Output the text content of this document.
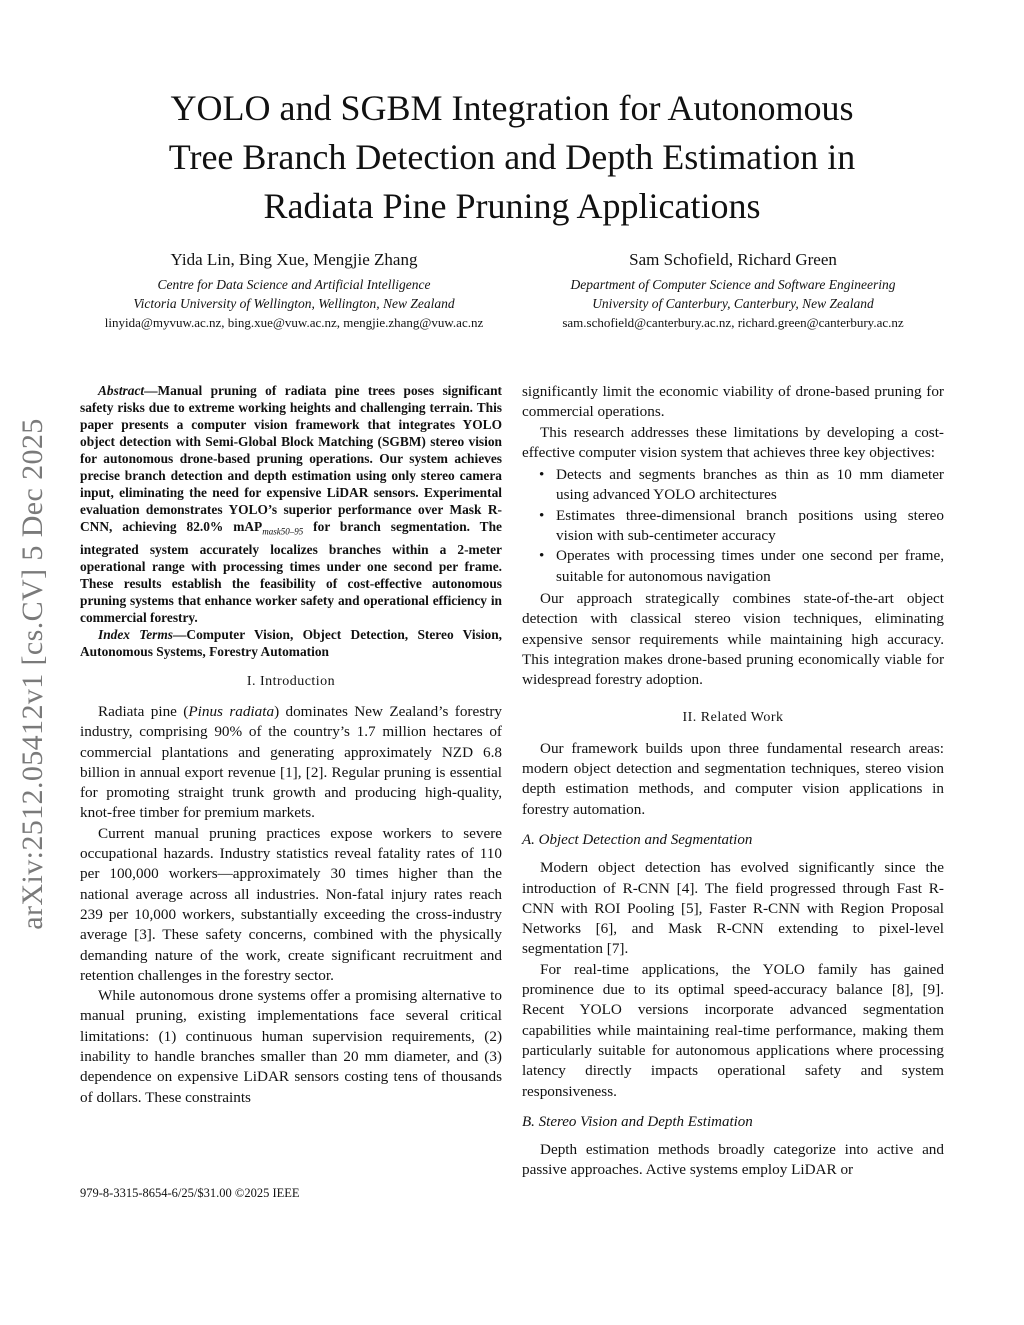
YOLO and SGBM Integration for Autonomous
Tree Branch Detection and Depth Estimation in
Radiata Pine Pruning Applications
Yida Lin, Bing Xue, Mengjie Zhang
Centre for Data Science and Artificial Intelligence
Victoria University of Wellington, Wellington, New Zealand
linyida@myvuw.ac.nz, bing.xue@vuw.ac.nz, mengjie.zhang@vuw.ac.nz
Sam Schofield, Richard Green
Department of Computer Science and Software Engineering
University of Canterbury, Canterbury, New Zealand
sam.schofield@canterbury.ac.nz, richard.green@canterbury.ac.nz
arXiv:2512.05412v1 [cs.CV] 5 Dec 2025

Abstract—Manual pruning of radiata pine trees poses significant safety risks due to extreme working heights and challenging terrain. This paper presents a computer vision framework that integrates YOLO object detection with Semi-Global Block Matching (SGBM) stereo vision for autonomous drone-based pruning operations. Our system achieves precise branch detection and depth estimation using only stereo camera input, eliminating the need for expensive LiDAR sensors. Experimental evaluation demonstrates YOLO’s superior performance over Mask R-CNN, achieving 82.0% mAP$_{mask50-95}$ for branch segmentation. The integrated system accurately localizes branches within a 2-meter operational range with processing times under one second per frame. These results establish the feasibility of cost-effective autonomous pruning systems that enhance worker safety and operational efficiency in commercial forestry.

Index Terms—Computer Vision, Object Detection, Stereo Vision, Autonomous Systems, Forestry Automation

I. Introduction

Radiata pine (Pinus radiata) dominates New Zealand’s forestry industry, comprising 90% of the country’s 1.7 million hectares of commercial plantations and generating approximately NZD 6.8 billion in annual export revenue [1], [2]. Regular pruning is essential for promoting straight trunk growth and producing high-quality, knot-free timber for premium markets.

Current manual pruning practices expose workers to severe occupational hazards. Industry statistics reveal fatality rates of 110 per 100,000 workers—approximately 30 times higher than the national average across all industries. Non-fatal injury rates reach 239 per 10,000 workers, substantially exceeding the cross-industry average [3]. These safety concerns, combined with the physically demanding nature of the work, create significant recruitment and retention challenges in the forestry sector.

While autonomous drone systems offer a promising alternative to manual pruning, existing implementations face several critical limitations: (1) continuous human supervision requirements, (2) inability to handle branches smaller than 20 mm diameter, and (3) dependence on expensive LiDAR sensors costing tens of thousands of dollars. These constraints

significantly limit the economic viability of drone-based pruning for commercial operations.

This research addresses these limitations by developing a cost-effective computer vision system that achieves three key objectives:

• Detects and segments branches as thin as 10 mm diameter using advanced YOLO architectures
• Estimates three-dimensional branch positions using stereo vision with sub-centimeter accuracy
• Operates with processing times under one second per frame, suitable for autonomous navigation

Our approach strategically combines state-of-the-art object detection with classical stereo vision techniques, eliminating expensive sensor requirements while maintaining high accuracy. This integration makes drone-based pruning economically viable for widespread forestry adoption.

II. Related Work

Our framework builds upon three fundamental research areas: modern object detection and segmentation techniques, stereo vision depth estimation methods, and computer vision applications in forestry automation.

A. Object Detection and Segmentation

Modern object detection has evolved significantly since the introduction of R-CNN [4]. The field progressed through Fast R-CNN with ROI Pooling [5], Faster R-CNN with Region Proposal Networks [6], and Mask R-CNN extending to pixel-level segmentation [7].

For real-time applications, the YOLO family has gained prominence due to its optimal speed-accuracy balance [8], [9]. Recent YOLO versions incorporate advanced segmentation capabilities while maintaining real-time performance, making them particularly suitable for autonomous applications where processing latency directly impacts operational safety and system responsiveness.

B. Stereo Vision and Depth Estimation

Depth estimation methods broadly categorize into active and passive approaches. Active systems employ LiDAR or

979-8-3315-8654-6/25/$31.00 ©2025 IEEE
